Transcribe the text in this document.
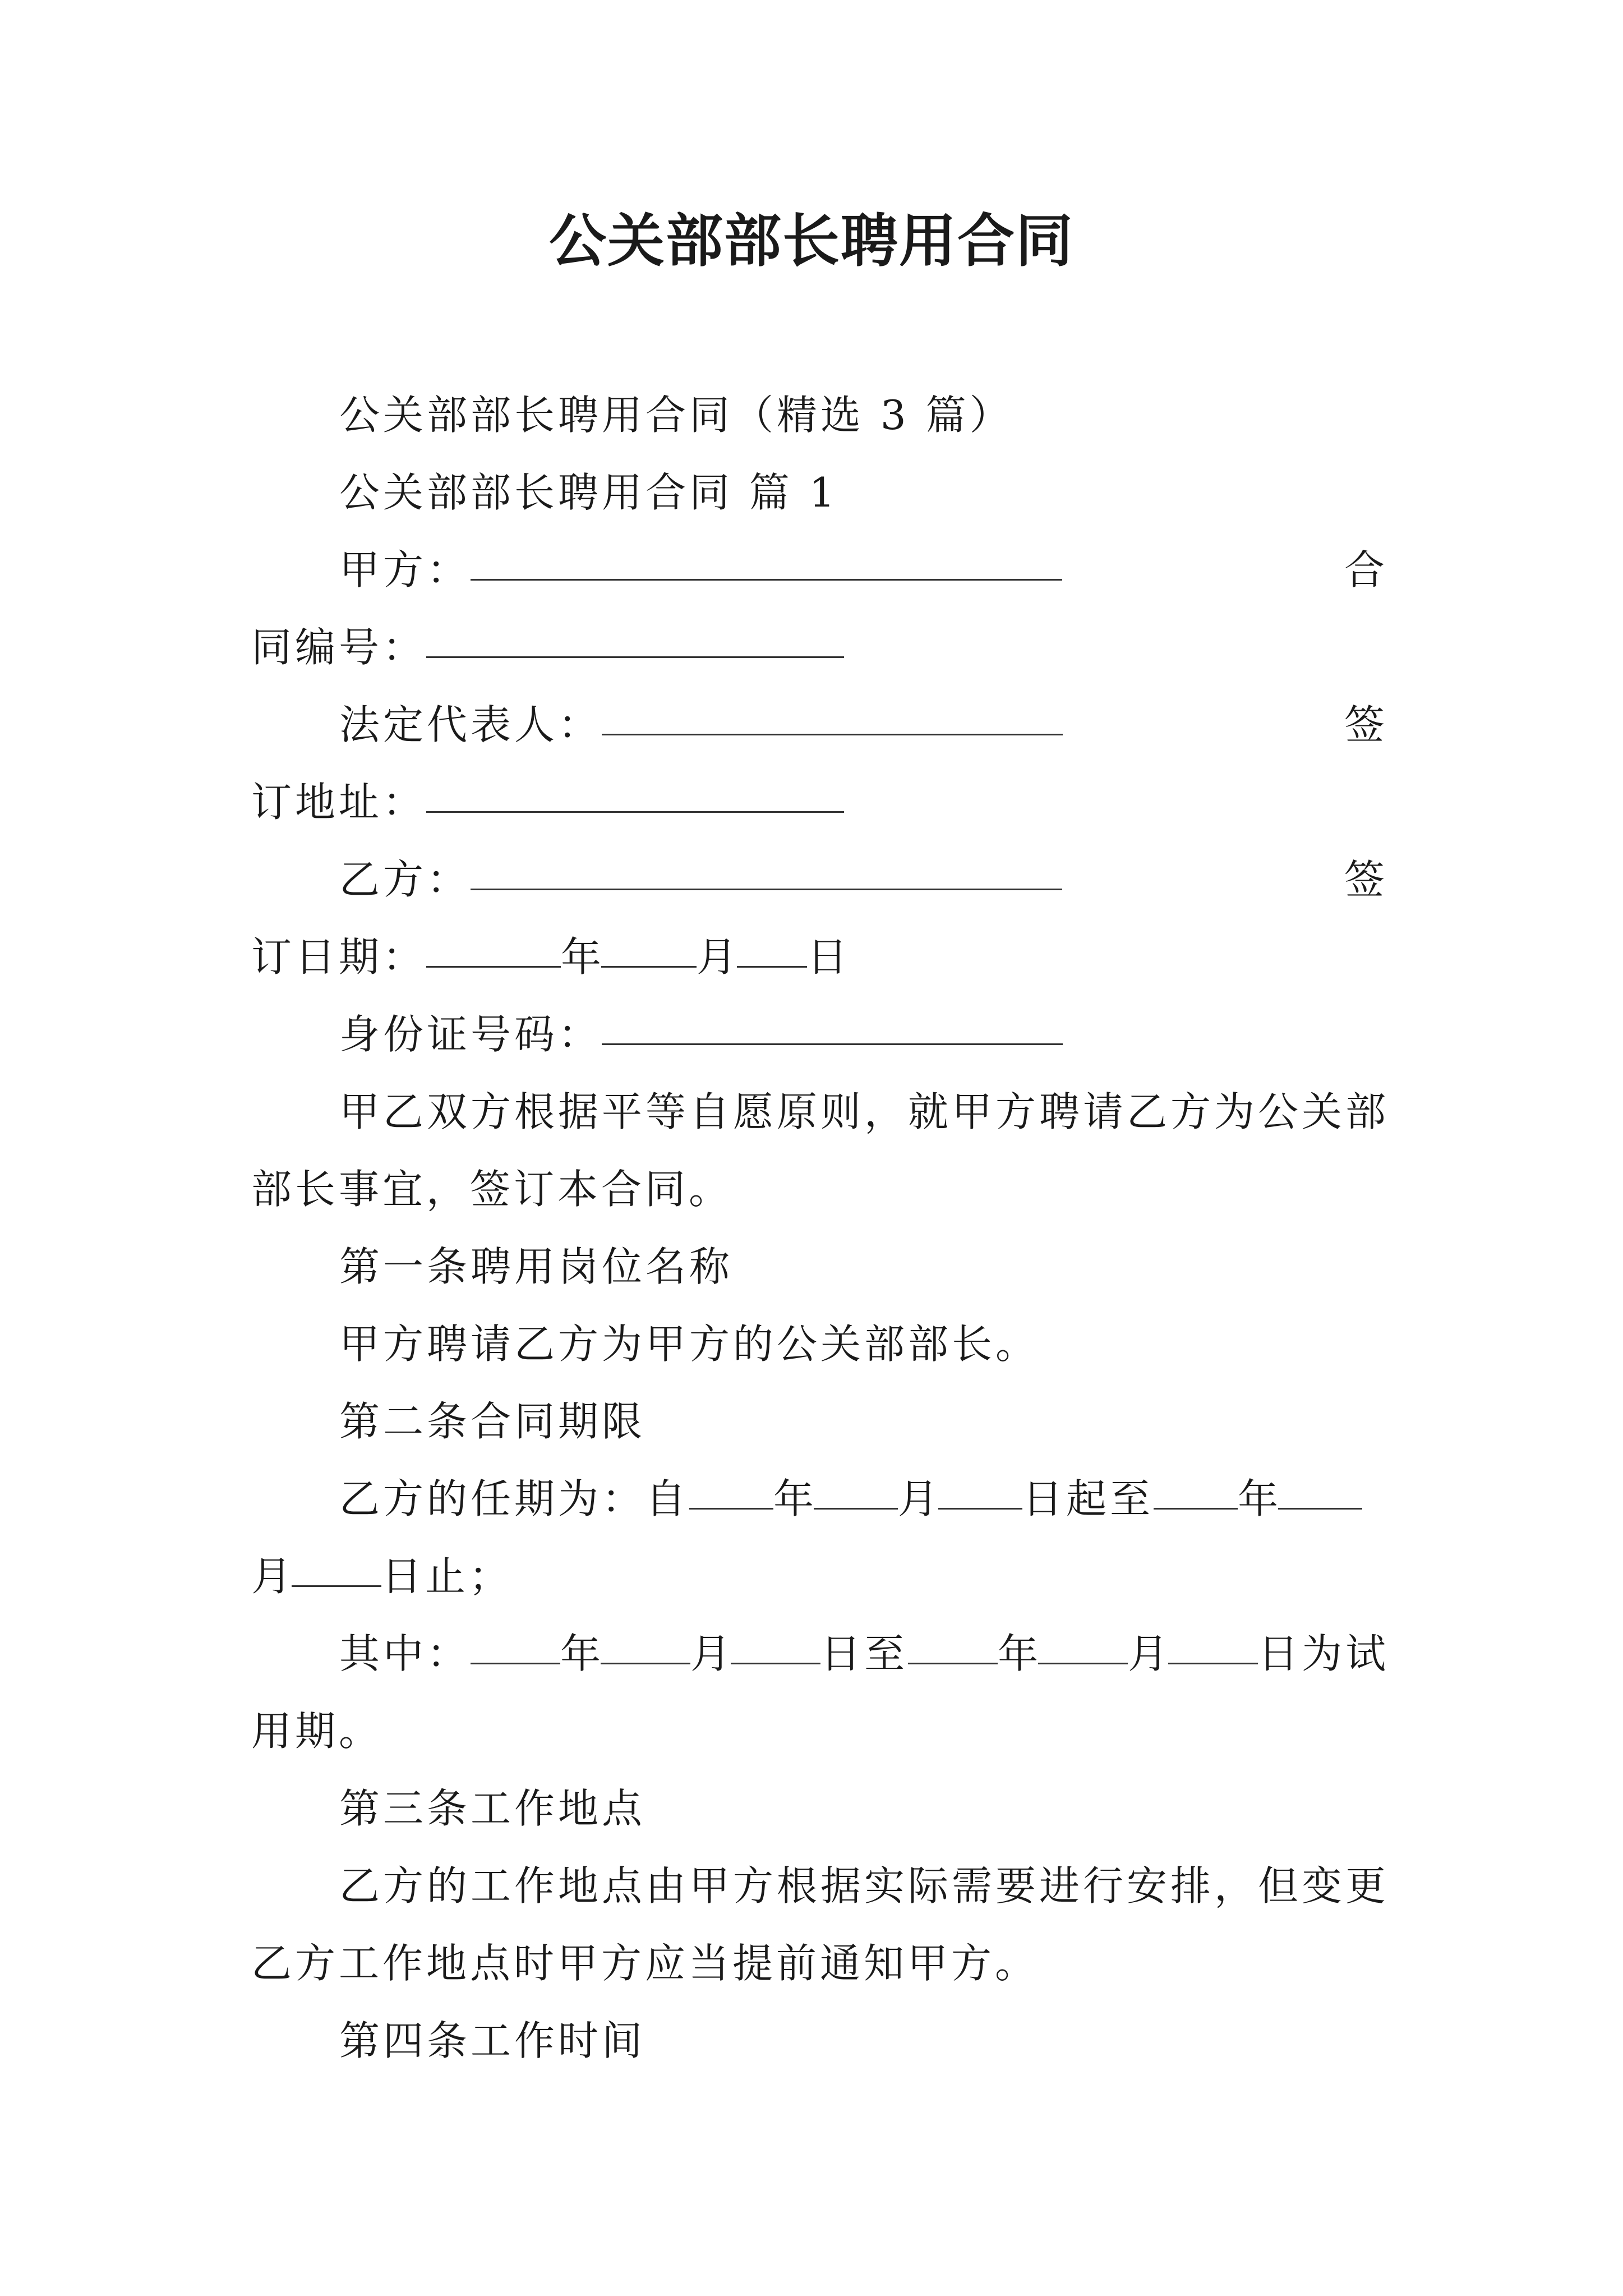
公关部部长聘用合同
公关部部长聘用合同（精选 3 篇）
公关部部长聘用合同 篇 1
甲方：	合
同编号：
法定代表人：	签
订地址：
乙方：	签
订日期：	年 月 日
身份证号码：
甲乙双方根据平等自愿原则，就甲方聘请乙方为公关部
部长事宜，签订本合同。
第一条聘用岗位名称
甲方聘请乙方为甲方的公关部部长。
第二条合同期限
乙方的任期为：自 年 月 日起至 年
月 日止；
其中： 年 月 日至 年 月 日为试
用期。
第三条工作地点
乙方的工作地点由甲方根据实际需要进行安排，但变更
乙方工作地点时甲方应当提前通知甲方。
第四条工作时间
